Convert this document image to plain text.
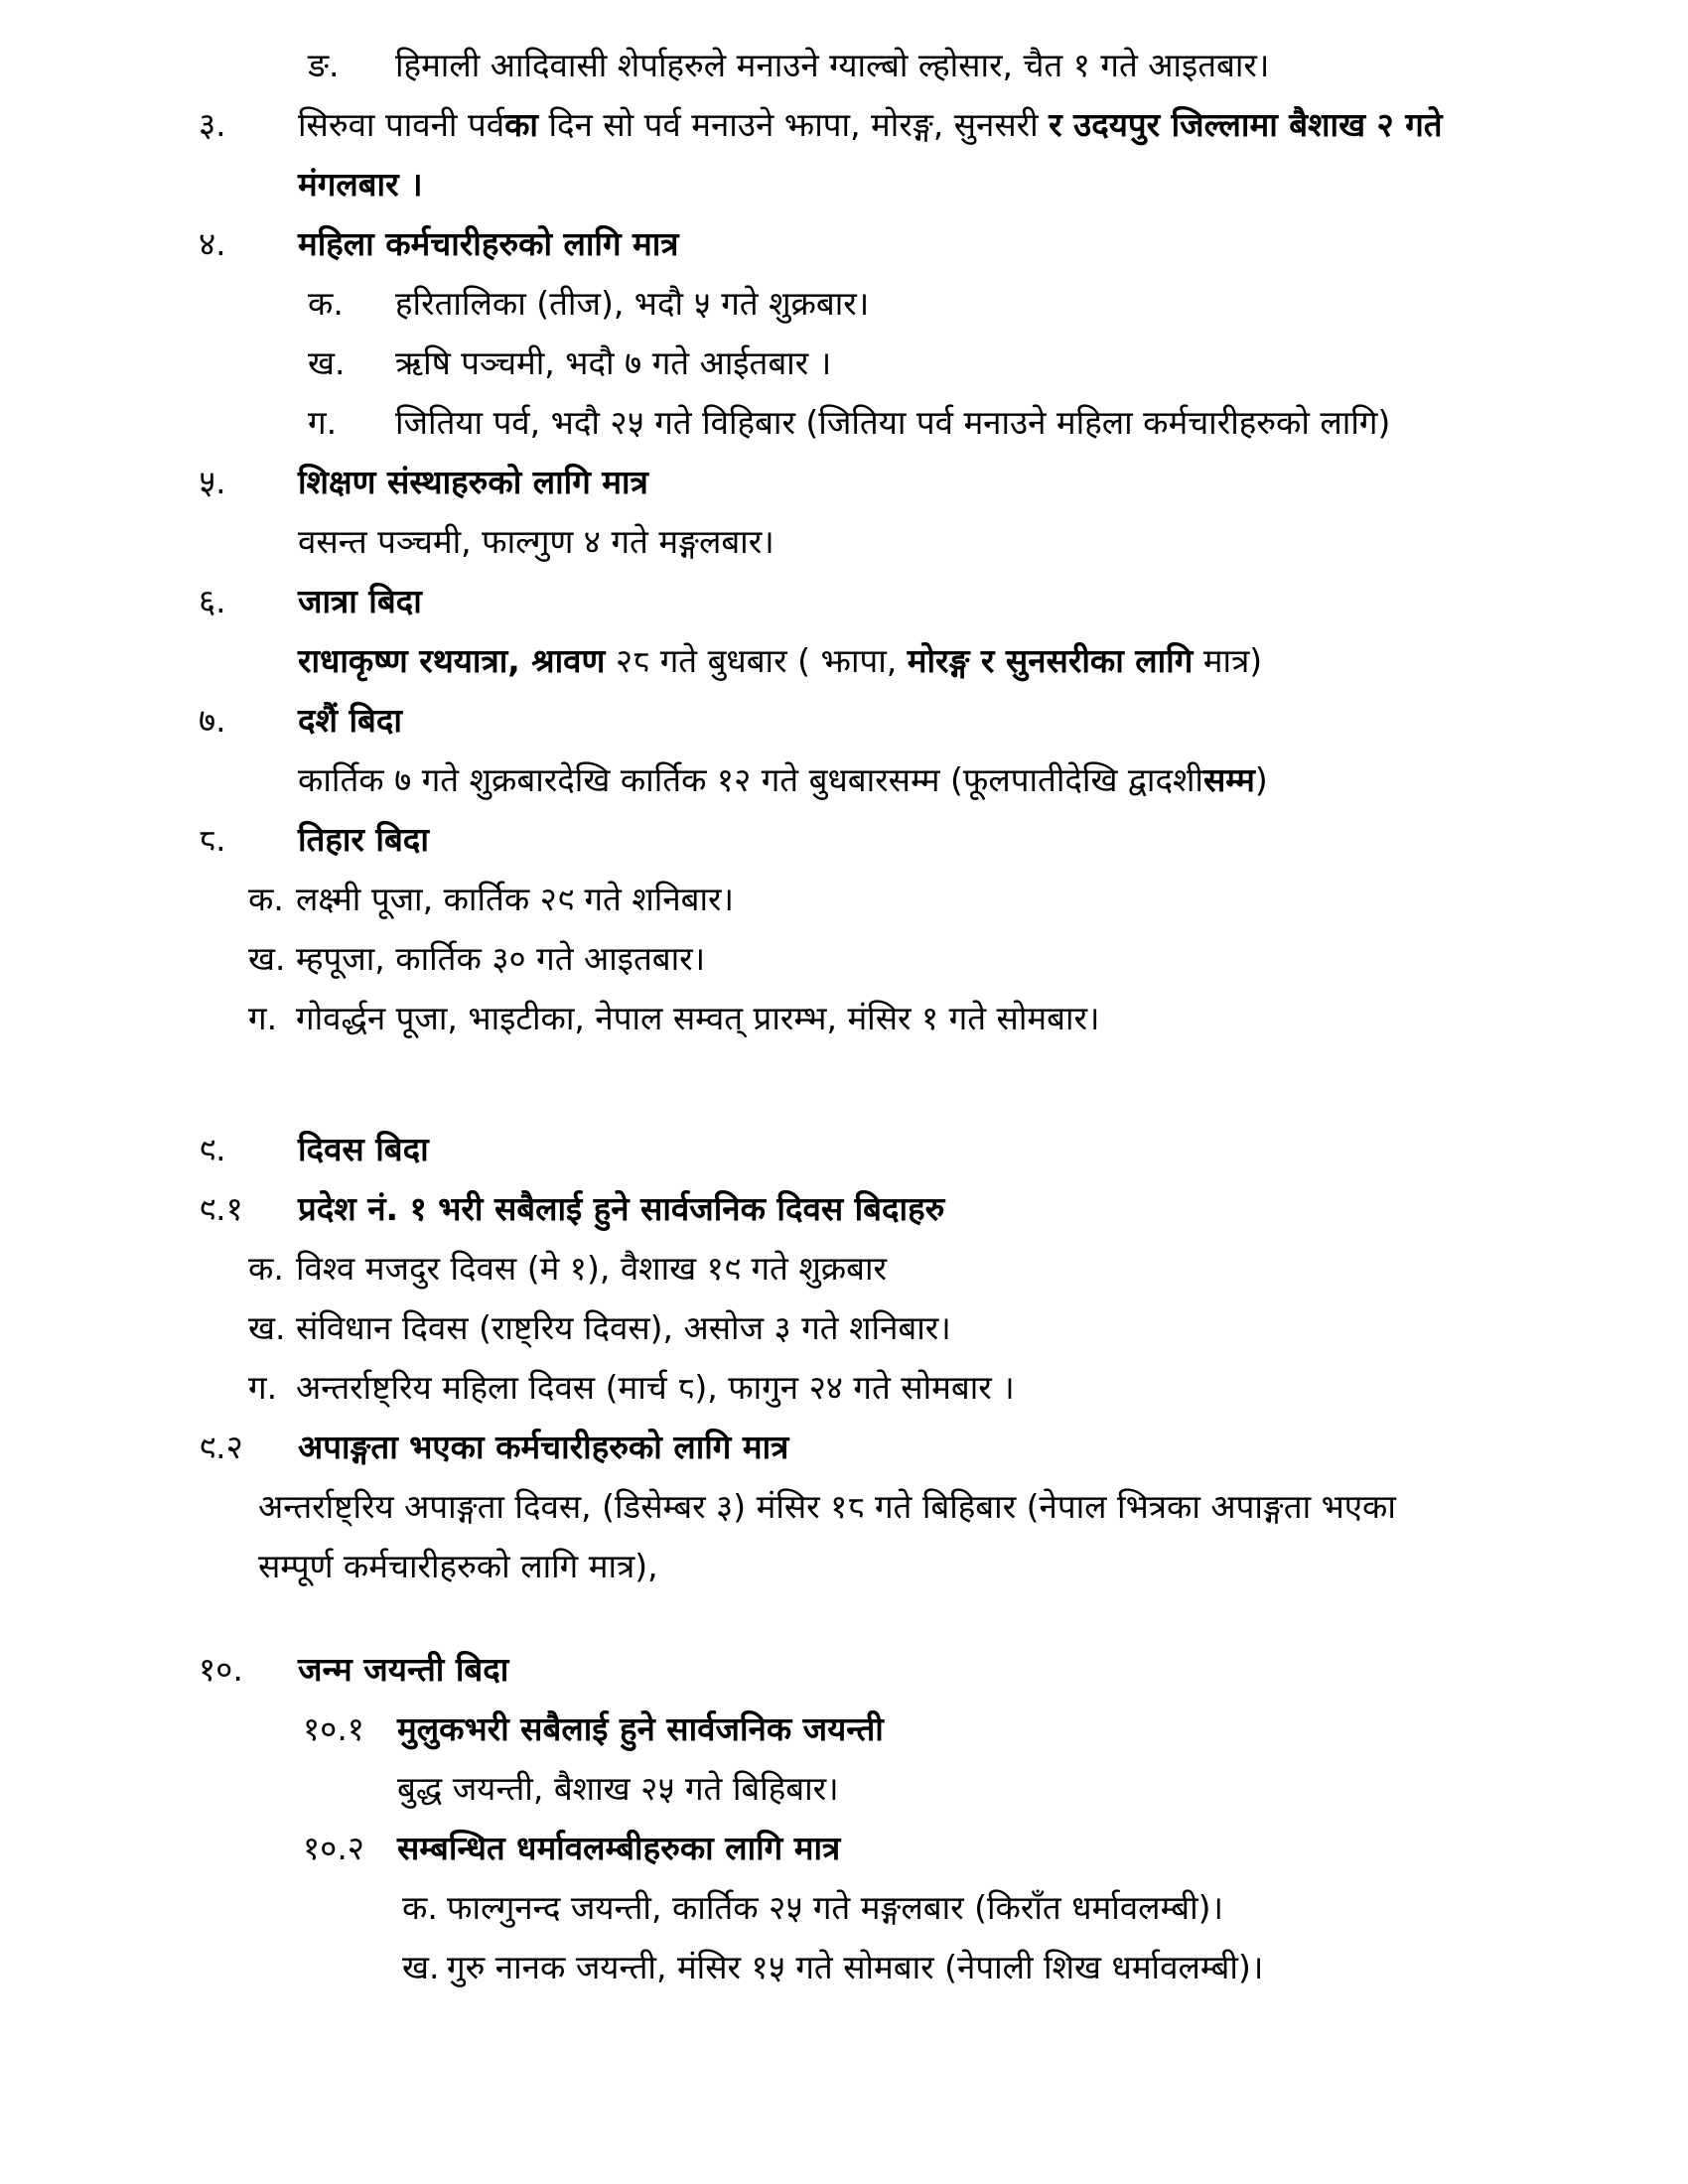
ङ.	हिमाली आदिवासी शेर्पाहरुले मनाउने ग्याल्बो ल्होसार, चैत १ गते आइतबार।
३.	सिरुवा पावनी पर्वका दिन सो पर्व मनाउने झापा, मोरङ्ग, सुनसरी र उदयपुर जिल्लामा बैशाख २ गते
मंगलबार ।
४.	महिला कर्मचारीहरुको लागि मात्र
क.	हरितालिका (तीज), भदौ ५ गते शुक्रबार।
ख.	ऋषि पञ्चमी, भदौ ७ गते आईतबार ।
ग.	जितिया पर्व, भदौ २५ गते विहिबार (जितिया पर्व मनाउने महिला कर्मचारीहरुको लागि)
५.	शिक्षण संस्थाहरुको लागि मात्र
वसन्त पञ्चमी, फाल्गुण ४ गते मङ्गलबार।
६.	जात्रा बिदा
राधाकृष्ण रथयात्रा, श्रावण २८ गते बुधबार ( झापा, मोरङ्ग र सुनसरीका लागि मात्र)
७.	दशैं बिदा
कार्तिक ७ गते शुक्रबारदेखि कार्तिक १२ गते बुधबारसम्म (फूलपातीदेखि द्वादशीसम्म)
८.	तिहार बिदा
क. लक्ष्मी पूजा, कार्तिक २९ गते शनिबार।
ख. म्हपूजा, कार्तिक ३० गते आइतबार।
ग. गोवर्द्धन पूजा, भाइटीका, नेपाल सम्वत् प्रारम्भ, मंसिर १ गते सोमबार।
९.	दिवस बिदा
९.१	प्रदेश नं. १ भरी सबैलाई हुने सार्वजनिक दिवस बिदाहरु
क. विश्व मजदुर दिवस (मे १), वैशाख १९ गते शुक्रबार
ख. संविधान दिवस (राष्ट्रिय दिवस), असोज ३ गते शनिबार।
ग. अन्तर्राष्ट्रिय महिला दिवस (मार्च ८), फागुन २४ गते सोमबार ।
९.२	अपाङ्गता भएका कर्मचारीहरुको लागि मात्र
अन्तर्राष्ट्रिय अपाङ्गता दिवस, (डिसेम्बर ३) मंसिर १८ गते बिहिबार (नेपाल भित्रका अपाङ्गता भएका
सम्पूर्ण कर्मचारीहरुको लागि मात्र),
१०.	जन्म जयन्ती बिदा
१०.१	मुलुकभरी सबैलाई हुने सार्वजनिक जयन्ती
बुद्ध जयन्ती, बैशाख २५ गते बिहिबार।
१०.२	सम्बन्धित धर्मावलम्बीहरुका लागि मात्र
क. फाल्गुनन्द जयन्ती, कार्तिक २५ गते मङ्गलबार (किराँत धर्मावलम्बी)।
ख. गुरु नानक जयन्ती, मंसिर १५ गते सोमबार (नेपाली शिख धर्मावलम्बी)।
